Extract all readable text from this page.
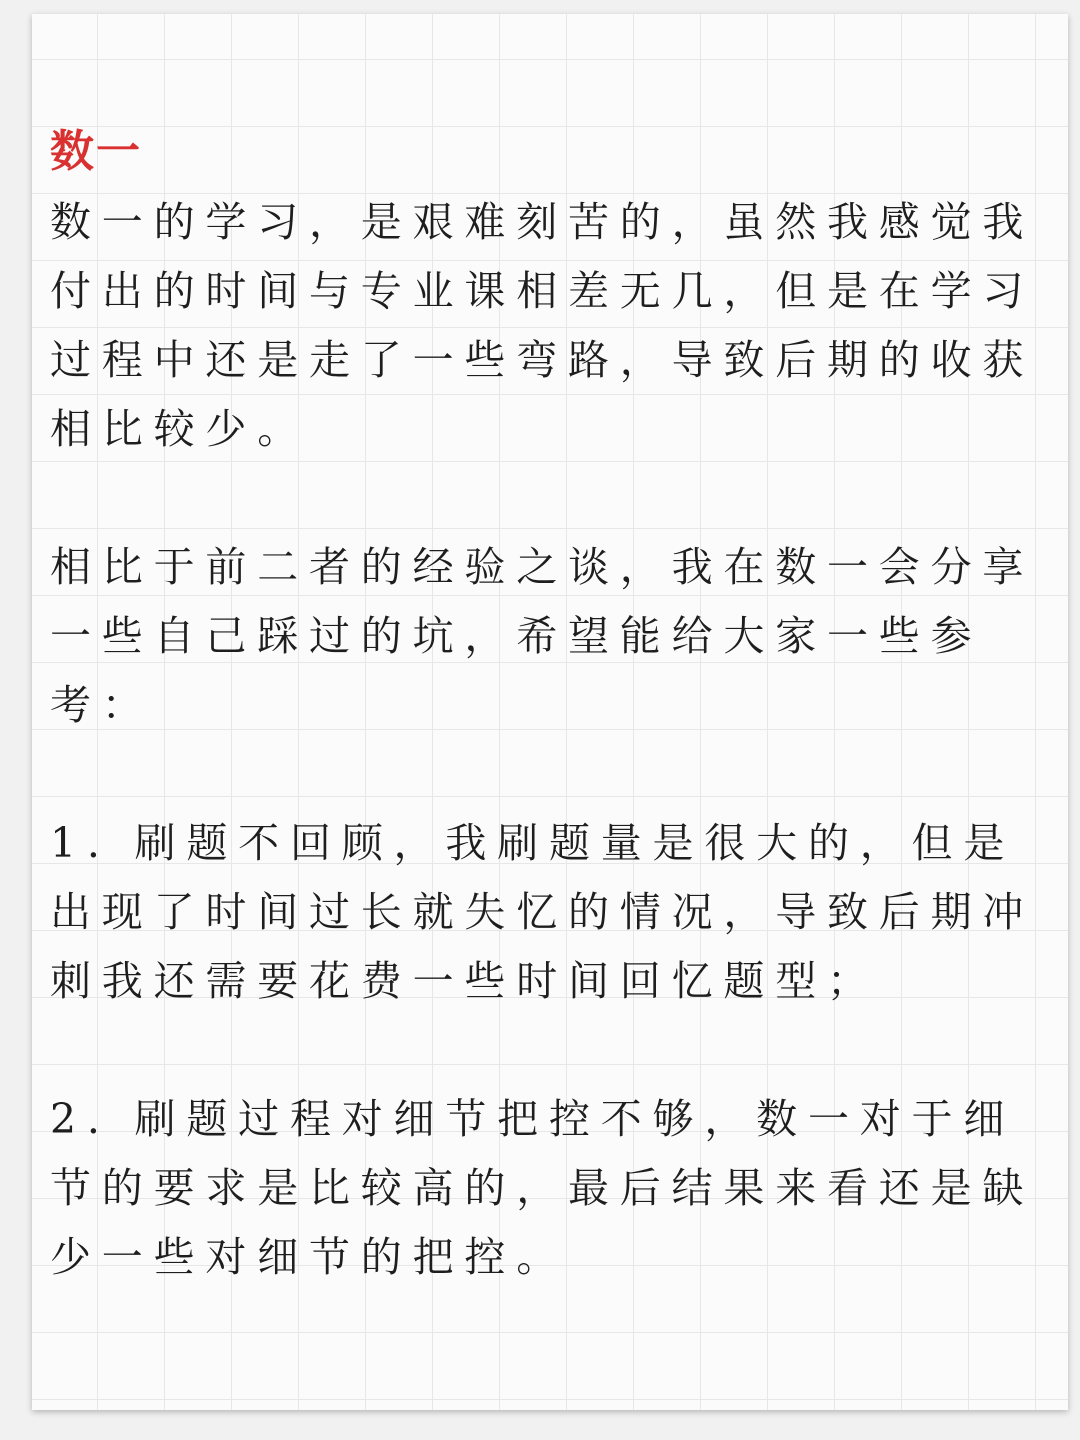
数一

数一的学习，是艰难刻苦的，虽然我感觉我付出的时间与专业课相差无几，但是在学习过程中还是走了一些弯路，导致后期的收获相比较少。

相比于前二者的经验之谈，我在数一会分享一些自己踩过的坑，希望能给大家一些参考：

1. 刷题不回顾，我刷题量是很大的，但是出现了时间过长就失忆的情况，导致后期冲刺我还需要花费一些时间回忆题型；

2. 刷题过程对细节把控不够，数一对于细节的要求是比较高的，最后结果来看还是缺少一些对细节的把控。
